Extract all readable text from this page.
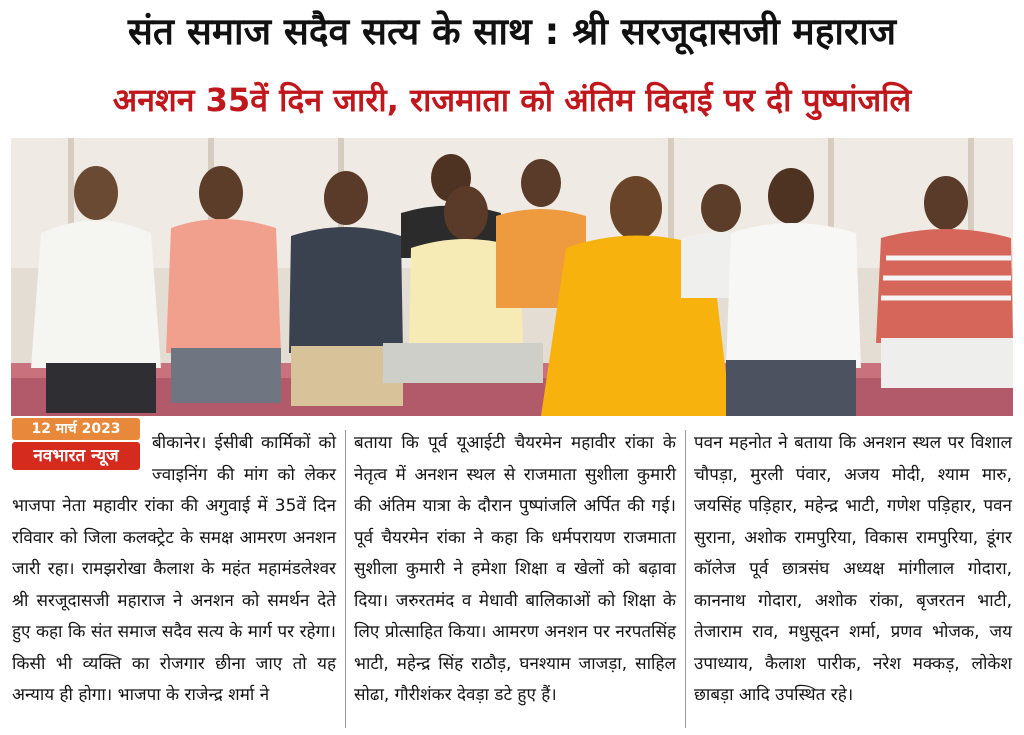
संत समाज सदैव सत्य के साथ : श्री सरजूदासजी महाराज
अनशन 35वें दिन जारी, राजमाता को अंतिम विदाई पर दी पुष्पांजलि
12 मार्च 2023
नवभारत न्यूज
बीकानेर। ईसीबी कार्मिकों को ज्वाइनिंग की मांग को लेकर भाजपा नेता महावीर रांका की अगुवाई में 35वें दिन रविवार को जिला कलक्ट्रेट के समक्ष आमरण अनशन जारी रहा। रामझरोखा कैलाश के महंत महामंडलेश्वर श्री सरजूदासजी महाराज ने अनशन को समर्थन देते हुए कहा कि संत समाज सदैव सत्य के मार्ग पर रहेगा। किसी भी व्यक्ति का रोजगार छीना जाए तो यह अन्याय ही होगा। भाजपा के राजेन्द्र शर्मा ने
बताया कि पूर्व यूआईटी चैयरमेन महावीर रांका के नेतृत्व में अनशन स्थल से राजमाता सुशीला कुमारी की अंतिम यात्रा के दौरान पुष्पांजलि अर्पित की गई। पूर्व चैयरमेन रांका ने कहा कि धर्मपरायण राजमाता सुशीला कुमारी ने हमेशा शिक्षा व खेलों को बढ़ावा दिया। जरुरतमंद व मेधावी बालिकाओं को शिक्षा के लिए प्रोत्साहित किया। आमरण अनशन पर नरपतसिंह भाटी, महेन्द्र सिंह राठौड़, घनश्याम जाजड़ा, साहिल सोढा, गौरीशंकर देवड़ा डटे हुए हैं।
पवन महनोत ने बताया कि अनशन स्थल पर विशाल चौपड़ा, मुरली पंवार, अजय मोदी, श्याम मारु, जयसिंह पड़िहार, महेन्द्र भाटी, गणेश पड़िहार, पवन सुराना, अशोक रामपुरिया, विकास रामपुरिया, डूंगर कॉलेज पूर्व छात्रसंघ अध्यक्ष मांगीलाल गोदारा, काननाथ गोदारा, अशोक रांका, बृजरतन भाटी, तेजाराम राव, मधुसूदन शर्मा, प्रणव भोजक, जय उपाध्याय, कैलाश पारीक, नरेश मक्कड़, लोकेश छाबड़ा आदि उपस्थित रहे।
